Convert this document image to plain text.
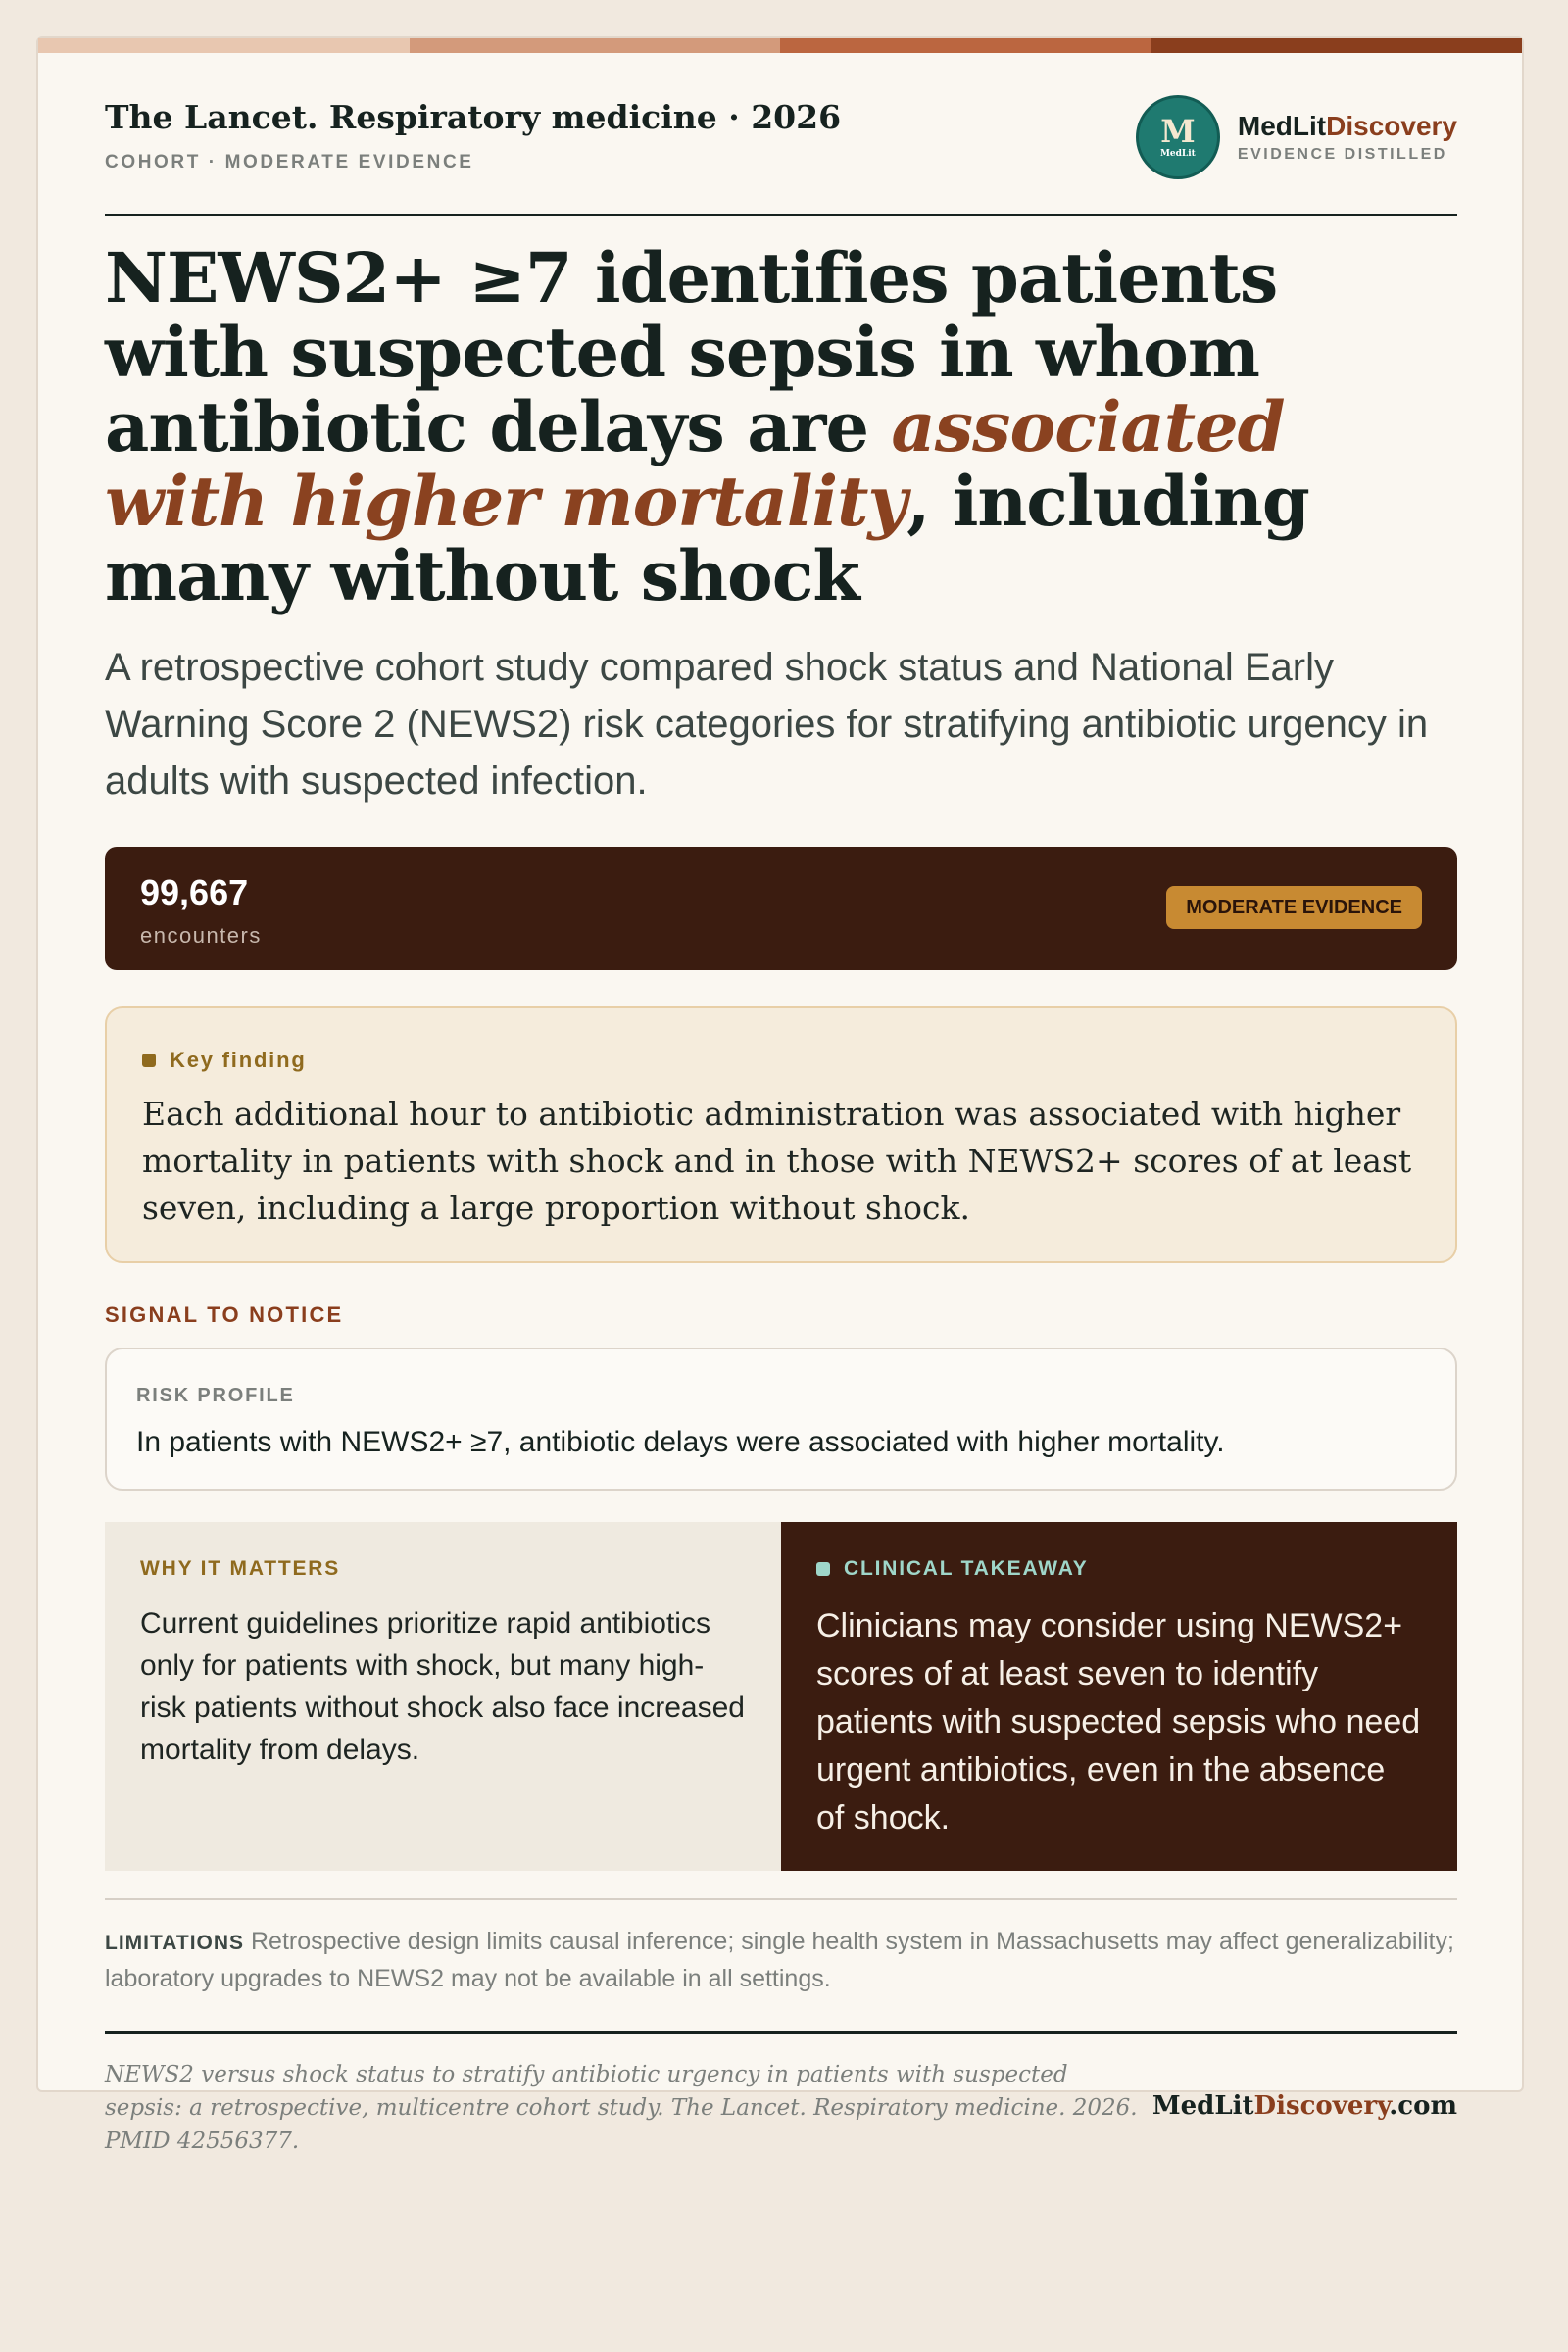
The Lancet. Respiratory medicine · 2026
COHORT · MODERATE EVIDENCE
M
MedLit
MedLitDiscovery
EVIDENCE DISTILLED
NEWS2+ ≥7 identifies patients with suspected sepsis in whom antibiotic delays are associated with higher mortality, including many without shock

A retrospective cohort study compared shock status and National Early Warning Score 2 (NEWS2) risk categories for stratifying antibiotic urgency in adults with suspected infection.

99,667
encounters
MODERATE EVIDENCE
Key finding
Each additional hour to antibiotic administration was associated with higher mortality in patients with shock and in those with NEWS2+ scores of at least seven, including a large proportion without shock.
SIGNAL TO NOTICE
RISK PROFILE
In patients with NEWS2+ ≥7, antibiotic delays were associated with higher mortality.
WHY IT MATTERS
Current guidelines prioritize rapid antibiotics only for patients with shock, but many high-risk patients without shock also face increased mortality from delays.
CLINICAL TAKEAWAY
Clinicians may consider using NEWS2+ scores of at least seven to identify patients with suspected sepsis who need urgent antibiotics, even in the absence of shock.
LIMITATIONS Retrospective design limits causal inference; single health system in Massachusetts may affect generalizability; laboratory upgrades to NEWS2 may not be available in all settings.
NEWS2 versus shock status to stratify antibiotic urgency in patients with suspected sepsis: a retrospective, multicentre cohort study. The Lancet. Respiratory medicine. 2026. PMID 42556377.
MedLitDiscovery.com
